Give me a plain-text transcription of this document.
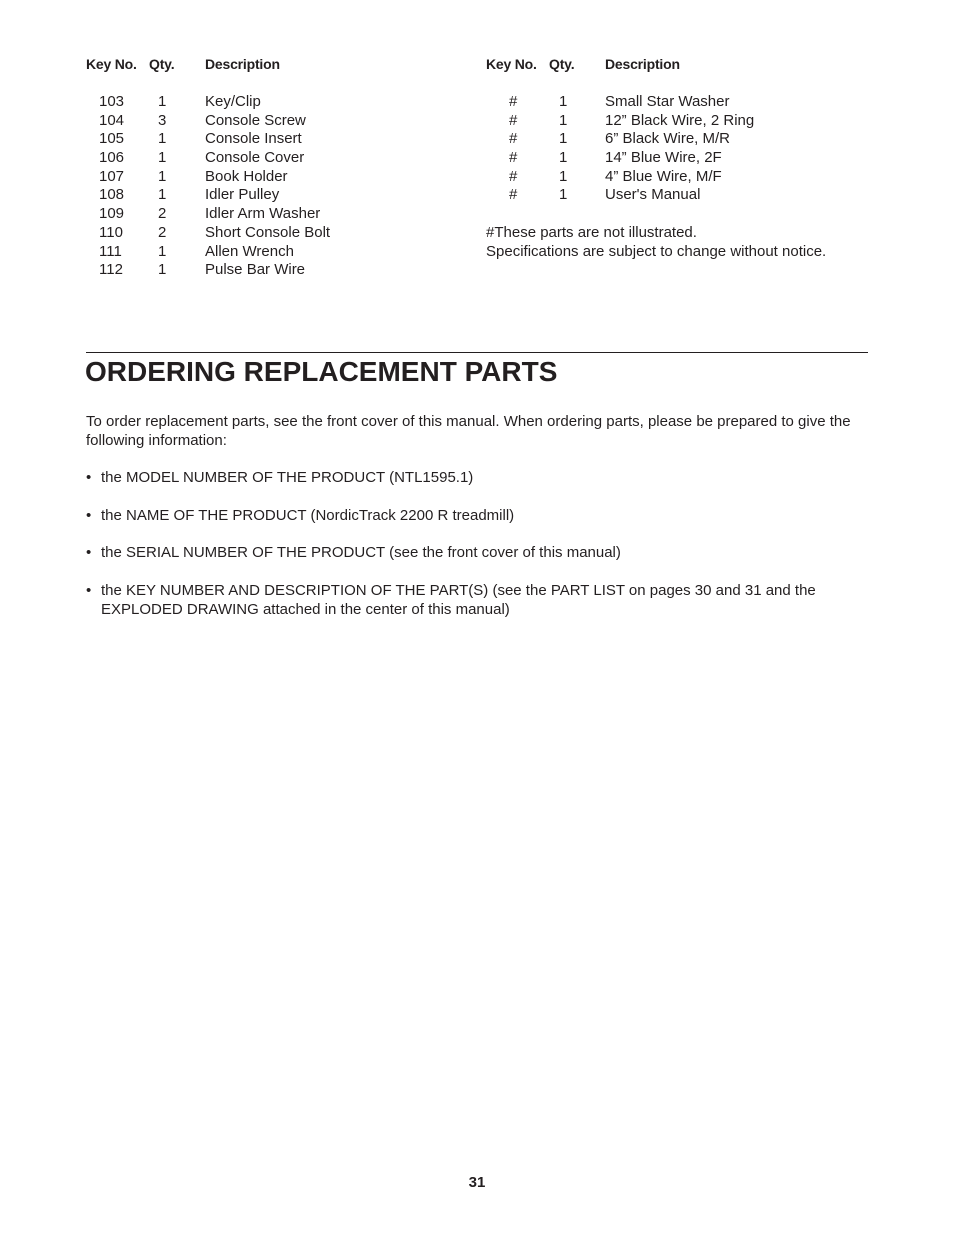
Key No. Qty. Description	Key No. Qty. Description
103 1	Key/Clip
104 3	Console Screw
105 1	Console Insert
106 1	Console Cover
107 1	Book Holder
108 1	Idler Pulley
109 2	Idler Arm Washer
110 2	Short Console Bolt
111 1	Allen Wrench
112 1	Pulse Bar Wire
#	1	Small Star Washer
#	1	12” Black Wire, 2 Ring
#	1	6” Black Wire, M/R
#	1	14” Blue Wire, 2F
#	1	4” Blue Wire, M/F
#	1	User's Manual
#These parts are not illustrated.
Specifications are subject to change without notice.
ORDERING REPLACEMENT PARTS
To order replacement parts, see the front cover of this manual. When ordering parts, please be prepared to give the following information:
• the MODEL NUMBER OF THE PRODUCT (NTL1595.1)
• the NAME OF THE PRODUCT (NordicTrack 2200 R treadmill)
• the SERIAL NUMBER OF THE PRODUCT (see the front cover of this manual)
• the KEY NUMBER AND DESCRIPTION OF THE PART(S) (see the PART LIST on pages 30 and 31 and the EXPLODED DRAWING attached in the center of this manual)
31
